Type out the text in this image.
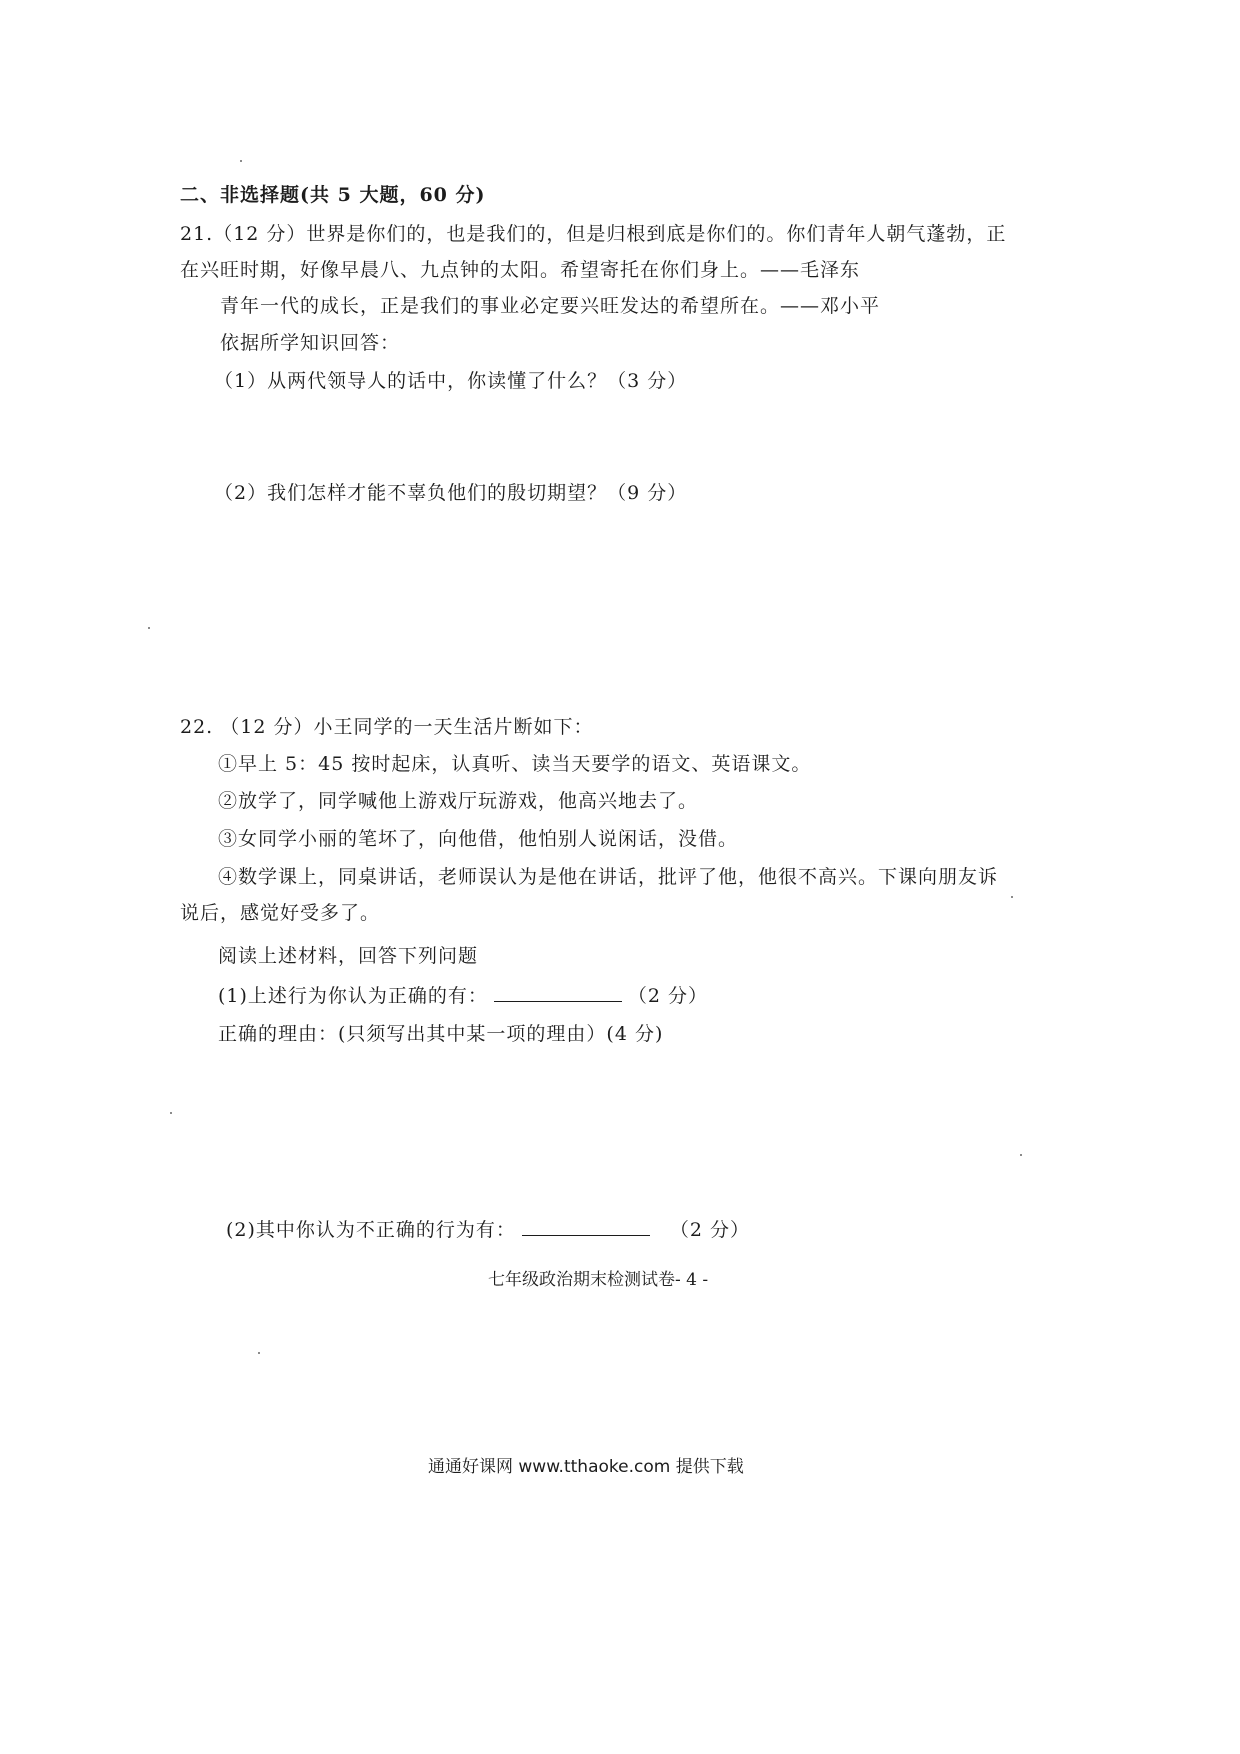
二、非选择题(共 5 大题，60 分)
21.（12 分）世界是你们的，也是我们的，但是归根到底是你们的。你们青年人朝气蓬勃，正
在兴旺时期，好像早晨八、九点钟的太阳。希望寄托在你们身上。——毛泽东
青年一代的成长，正是我们的事业必定要兴旺发达的希望所在。——邓小平
依据所学知识回答：
（1）从两代领导人的话中，你读懂了什么？（3 分）
（2）我们怎样才能不辜负他们的殷切期望？（9 分）
22. （12 分）小王同学的一天生活片断如下：
①早上 5：45 按时起床，认真听、读当天要学的语文、英语课文。
②放学了，同学喊他上游戏厅玩游戏，他高兴地去了。
③女同学小丽的笔坏了，向他借，他怕别人说闲话，没借。
④数学课上，同桌讲话，老师误认为是他在讲话，批评了他，他很不高兴。下课向朋友诉
说后，感觉好受多了。
阅读上述材料，回答下列问题
(1)上述行为你认为正确的有：	（2 分）
正确的理由：(只须写出其中某一项的理由）(4 分)
(2)其中你认为不正确的行为有：	（2 分）
七年级政治期末检测试卷- 4 -
通通好课网 www.tthaoke.com 提供下载
